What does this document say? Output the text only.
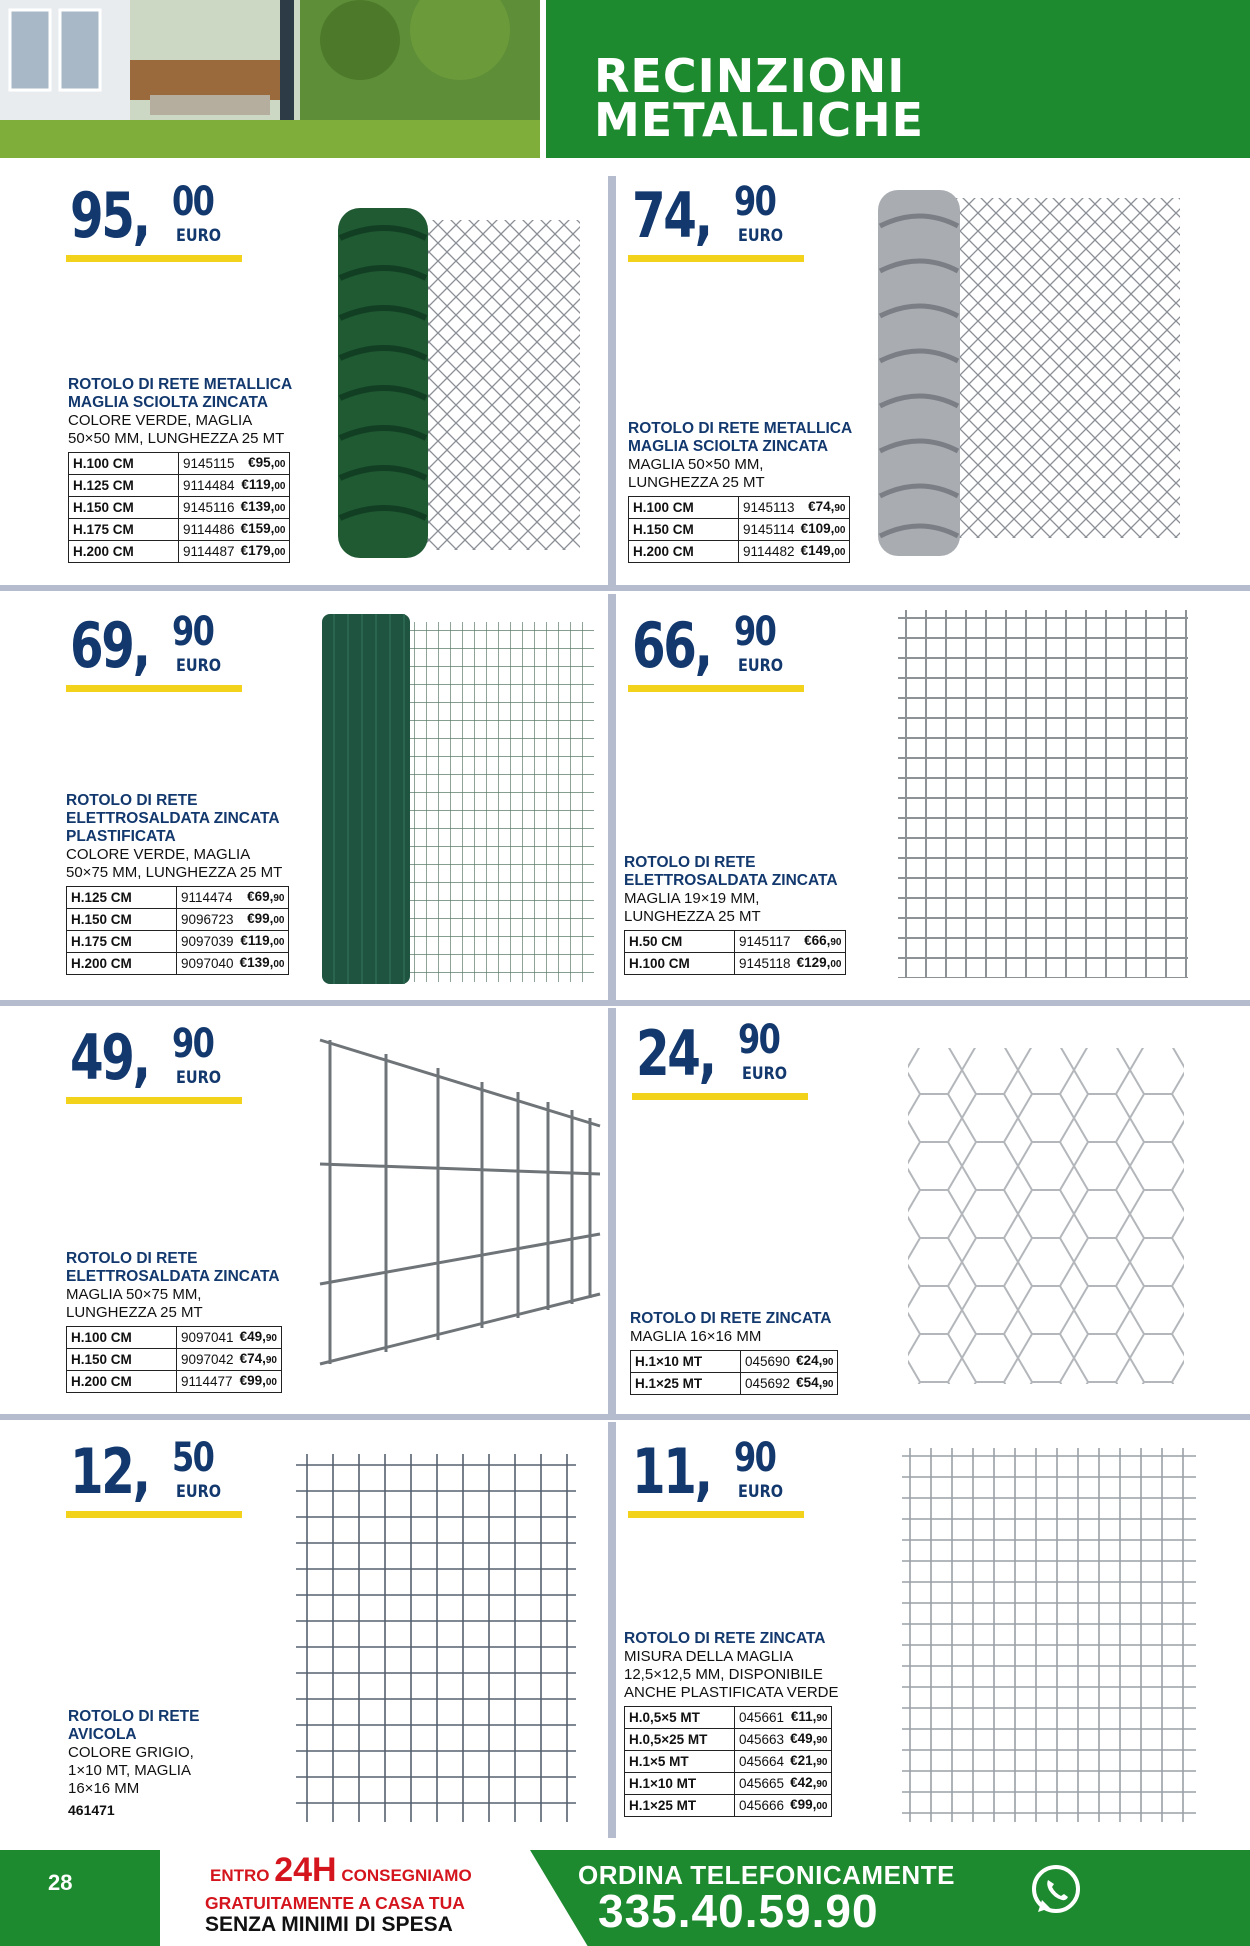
RECINZIONI
METALLICHE
95, 00
EURO
ROTOLO DI RETE METALLICA
MAGLIA SCIOLTA ZINCATA
COLORE VERDE, MAGLIA
50×50 MM, LUNGHEZZA 25 MT
H.100 CM	9145115	€95,00
H.125 CM	9114484	€119,00
H.150 CM	9145116	€139,00
H.175 CM	9114486	€159,00
H.200 CM	9114487	€179,00
74, 90
EURO
ROTOLO DI RETE METALLICA
MAGLIA SCIOLTA ZINCATA
MAGLIA 50×50 MM,
LUNGHEZZA 25 MT
H.100 CM	9145113	€74,90
H.150 CM	9145114	€109,00
H.200 CM	9114482	€149,00
69, 90
EURO
ROTOLO DI RETE
ELETTROSALDATA ZINCATA
PLASTIFICATA
COLORE VERDE, MAGLIA
50×75 MM, LUNGHEZZA 25 MT
H.125 CM	9114474	€69,90
H.150 CM	9096723	€99,00
H.175 CM	9097039	€119,00
H.200 CM	9097040	€139,00
66, 90
EURO
ROTOLO DI RETE
ELETTROSALDATA ZINCATA
MAGLIA 19×19 MM,
LUNGHEZZA 25 MT
H.50 CM	9145117	€66,90
H.100 CM	9145118	€129,00
49, 90
EURO
ROTOLO DI RETE
ELETTROSALDATA ZINCATA
MAGLIA 50×75 MM,
LUNGHEZZA 25 MT
H.100 CM	9097041	€49,90
H.150 CM	9097042	€74,90
H.200 CM	9114477	€99,00
24, 90
EURO
ROTOLO DI RETE ZINCATA
MAGLIA 16×16 MM
H.1×10 MT	045690	€24,90
H.1×25 MT	045692	€54,90
12, 50
EURO
ROTOLO DI RETE
AVICOLA
COLORE GRIGIO,
1×10 MT, MAGLIA
16×16 MM
461471
11, 90
EURO
ROTOLO DI RETE ZINCATA
MISURA DELLA MAGLIA
12,5×12,5 MM, DISPONIBILE
ANCHE PLASTIFICATA VERDE
H.0,5×5 MT	045661	€11,90
H.0,5×25 MT	045663	€49,90
H.1×5 MT	045664	€21,90
H.1×10 MT	045665	€42,90
H.1×25 MT	045666	€99,00
28	ENTRO 24H CONSEGNIAMO
GRATUITAMENTE A CASA TUA
SENZA MINIMI DI SPESA
ORDINA TELEFONICAMENTE
335.40.59.90
